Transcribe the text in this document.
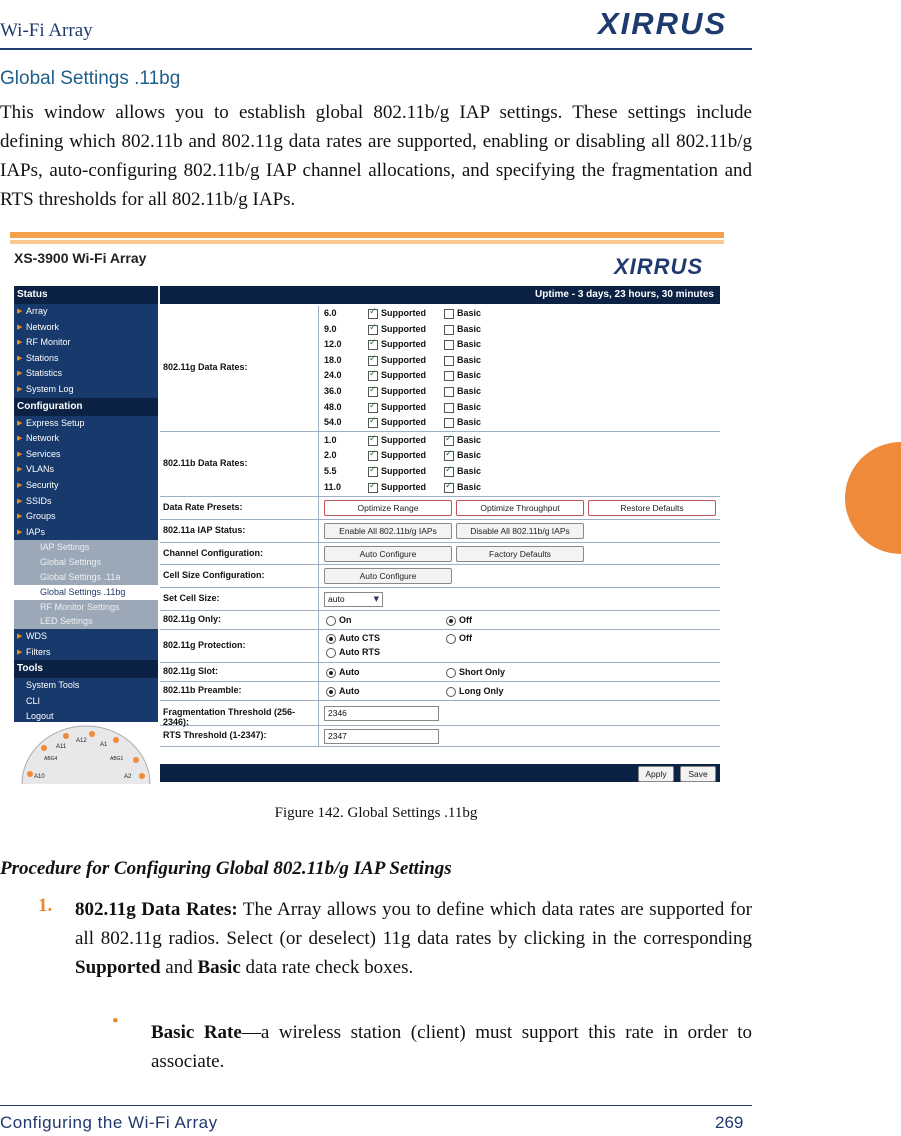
Wi-Fi Array	XIRRUS
Global Settings .11bg
This window allows you to establish global 802.11b/g IAP settings. These settings include defining which 802.11b and 802.11g data rates are supported, enabling or disabling all 802.11b/g IAPs, auto-configuring 802.11b/g IAP channel allocations, and specifying the fragmentation and RTS thresholds for all 802.11b/g IAPs.
XS-3900 Wi-Fi Array	XIRRUS
Status
▶ Array
▶ Network
▶ RF Monitor
▶ Stations
▶ Statistics
▶ System Log
Configuration
▶ Express Setup
▶ Network
▶ Services
▶ VLANs
▶ Security
▶ SSIDs
▶ Groups
▶ IAPs
IAP Settings
Global Settings
Global Settings .11a
Global Settings .11bg
RF Monitor Settings
LED Settings
▶ WDS
▶ Filters
Tools
System Tools
CLI
Logout
A11
A12
A1
ABG4	ABG1
A10	A2
Uptime - 3 days, 23 hours, 30 minutes
802.11g Data Rates:
6.0 ✓	Supported	Basic
9.0 ✓	Supported	Basic
12.0 ✓	Supported	Basic
18.0 ✓	Supported	Basic
24.0 ✓	Supported	Basic
36.0 ✓	Supported	Basic
48.0 ✓	Supported	Basic
54.0 ✓	Supported	Basic
802.11b Data Rates:
1.0 ✓	Supported ✓	Basic
2.0 ✓	Supported ✓	Basic
5.5 ✓	Supported ✓	Basic
11.0 ✓	Supported ✓	Basic
Data Rate Presets:	Optimize Range	Optimize Throughput	Restore Defaults
802.11a IAP Status:	Enable All 802.11b/g IAPs	Disable All 802.11b/g IAPs
Channel Configuration:	Auto Configure	Factory Defaults
Cell Size Configuration:	Auto Configure
Set Cell Size:	auto	▼
802.11g Only:	On	Off
802.11g Protection:
Auto CTS	Off
Auto RTS
802.11g Slot:	Auto	Short Only
802.11b Preamble:	Auto	Long Only
Fragmentation Threshold (256-2346):
2346
RTS Threshold (1-2347):	2347
Apply	Save
Figure 142. Global Settings .11bg
Procedure for Configuring Global 802.11b/g IAP Settings
1. 802.11g Data Rates: The Array allows you to define which data rates are supported for all 802.11g radios. Select (or deselect) 11g data rates by clicking in the corresponding Supported and Basic data rate check boxes.
•
Basic Rate—a wireless station (client) must support this rate in order to associate.
Configuring the Wi-Fi Array	269
